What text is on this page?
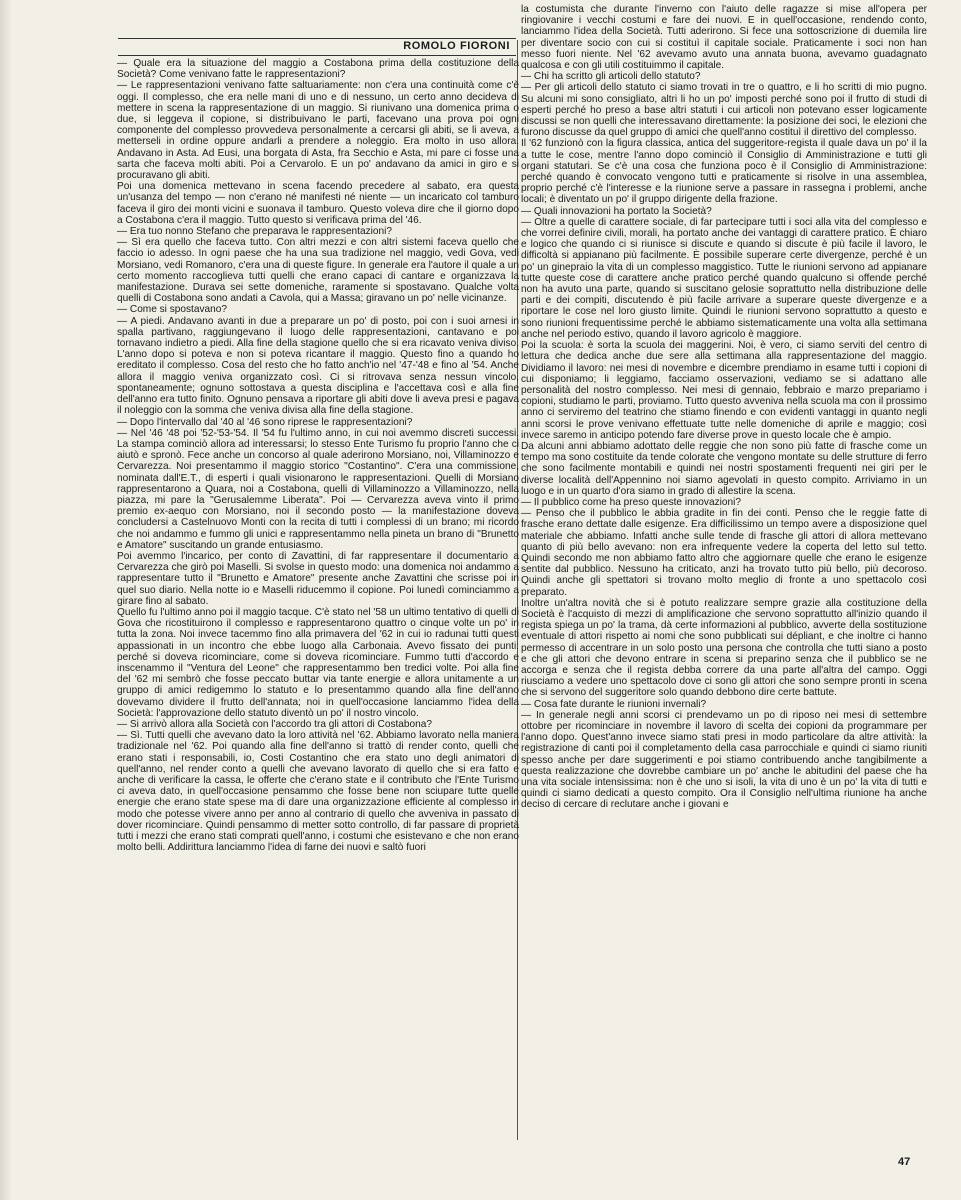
ROMOLO FIORONI

— Quale era la situazione del maggio a Costabona prima della costituzione della Società? Come venivano fatte le rappresentazioni?

— Le rappresentazioni venivano fatte saltuariamente: non c'era una continuità come c'è oggi. Il complesso, che era nelle mani di uno e di nessuno, un certo anno decideva di mettere in scena la rappresentazione di un maggio. Si riunivano una domenica prima o due, si leggeva il copione, si distribuivano le parti, facevano una prova poi ogni componente del complesso provvedeva personalmente a cercarsi gli abiti, se li aveva, a metterseli in ordine oppure andarli a prendere a noleggio. Era molto in uso allora. Andavano in Asta. Ad Eusi, una borgata di Asta, fra Secchio e Asta, mi pare ci fosse una sarta che faceva molti abiti. Poi a Cervarolo. E un po' andavano da amici in giro e si procuravano gli abiti.

Poi una domenica mettevano in scena facendo precedere al sabato, era questa un'usanza del tempo — non c'erano né manifesti né niente — un incaricato col tamburo faceva il giro dei monti vicini e suonava il tamburo. Questo voleva dire che il giorno dopo a Costabona c'era il maggio. Tutto questo si verificava prima del '46.

— Era tuo nonno Stefano che preparava le rappresentazioni?

— Sì era quello che faceva tutto. Con altri mezzi e con altri sistemi faceva quello che faccio io adesso. In ogni paese che ha una sua tradizione nel maggio, vedi Gova, vedi Morsiano, vedi Romanoro, c'era una di queste figure. In generale era l'autore il quale a un certo momento raccoglieva tutti quelli che erano capaci di cantare e organizzava la manifestazione. Durava sei sette domeniche, raramente si spostavano. Qualche volta quelli di Costabona sono andati a Cavola, qui a Massa; giravano un po' nelle vicinanze.

— Come si spostavano?

— A piedi. Andavano avanti in due a preparare un po' di posto, poi con i suoi arnesi in spalla partivano, raggiungevano il luogo delle rappresentazioni, cantavano e poi tornavano indietro a piedi. Alla fine della stagione quello che si era ricavato veniva diviso. L'anno dopo si poteva e non si poteva ricantare il maggio. Questo fino a quando ho ereditato il complesso. Cosa del resto che ho fatto anch'io nel '47-'48 e fino al '54. Anche allora il maggio veniva organizzato così. Ci si ritrovava senza nessun vincolo, spontaneamente; ognuno sottostava a questa disciplina e l'accettava così e alla fine dell'anno era tutto finito. Ognuno pensava a riportare gli abiti dove li aveva presi e pagava il noleggio con la somma che veniva divisa alla fine della stagione.

— Dopo l'intervallo dal '40 al '46 sono riprese le rappresentazioni?

— Nel '46 '48 poi '52-'53-'54. Il '54 fu l'ultimo anno, in cui noi avemmo discreti successi. La stampa cominciò allora ad interessarsi; lo stesso Ente Turismo fu proprio l'anno che ci aiutò e spronò. Fece anche un concorso al quale aderirono Morsiano, noi, Villaminozzo e Cervarezza. Noi presentammo il maggio storico "Costantino". C'era una commissione, nominata dall'E.T., di esperti i quali visionarono le rappresentazioni. Quelli di Morsiano rappresentarono a Quara, noi a Costabona, quelli di Villaminozzo a Villaminozzo, nella piazza, mi pare la "Gerusalemme Liberata". Poi — Cervarezza aveva vinto il primo premio ex-aequo con Morsiano, noi il secondo posto — la manifestazione doveva concludersi a Castelnuovo Monti con la recita di tutti i complessi di un brano; mi ricordo che noi andammo e fummo gli unici e rappresentammo nella pineta un brano di "Brunetto e Amatore" suscitando un grande entusiasmo.

Poi avemmo l'incarico, per conto di Zavattini, di far rappresentare il documentario a Cervarezza che girò poi Maselli. Si svolse in questo modo: una domenica noi andammo a rappresentare tutto il "Brunetto e Amatore" presente anche Zavattini che scrisse poi in quel suo diario. Nella notte io e Maselli riducemmo il copione. Poi lunedì cominciammo a girare fino al sabato.

Quello fu l'ultimo anno poi il maggio tacque. C'è stato nel '58 un ultimo tentativo di quelli di Gova che ricostituirono il complesso e rappresentarono quattro o cinque volte un po' in tutta la zona. Noi invece tacemmo fino alla primavera del '62 in cui io radunai tutti questi appassionati in un incontro che ebbe luogo alla Carbonaia. Avevo fissato dei punti: perché si doveva ricominciare, come si doveva ricominciare. Fummo tutti d'accordo e inscenammo il "Ventura del Leone" che rappresentammo ben tredici volte. Poi alla fine del '62 mi sembrò che fosse peccato buttar via tante energie e allora unitamente a un gruppo di amici redigemmo lo statuto e lo presentammo quando alla fine dell'anno dovevamo dividere il frutto dell'annata; noi in quell'occasione lanciammo l'idea della Società: l'approvazione dello statuto diventò un po' il nostro vincolo.

— Si arrivò allora alla Società con l'accordo tra gli attori di Costabona?

— Sì. Tutti quelli che avevano dato la loro attività nel '62. Abbiamo lavorato nella maniera tradizionale nel '62. Poi quando alla fine dell'anno si trattò di render conto, quelli che erano stati i responsabili, io, Costi Costantino che era stato uno degli animatori di quell'anno, nel render conto a quelli che avevano lavorato di quello che si era fatto e anche di verificare la cassa, le offerte che c'erano state e il contributo che l'Ente Turismo ci aveva dato, in quell'occasione pensammo che fosse bene non sciupare tutte quelle energie che erano state spese ma di dare una organizzazione efficiente al complesso in modo che potesse vivere anno per anno al contrario di quello che avveniva in passato di dover ricominciare. Quindi pensammo di metter sotto controllo, di far passare di proprietà tutti i mezzi che erano stati comprati quell'anno, i costumi che esistevano e che non erano molto belli. Addirittura lanciammo l'idea di farne dei nuovi e saltò fuori

la costumista che durante l'inverno con l'aiuto delle ragazze si mise all'opera per ringiovanire i vecchi costumi e fare dei nuovi. E in quell'occasione, rendendo conto, lanciammo l'idea della Società. Tutti aderirono. Si fece una sottoscrizione di duemila lire per diventare socio con cui si costituì il capitale sociale. Praticamente i soci non han messo fuori niente. Nel '62 avevamo avuto una annata buona, avevamo guadagnato qualcosa e con gli utili costituimmo il capitale.

— Chi ha scritto gli articoli dello statuto?

— Per gli articoli dello statuto ci siamo trovati in tre o quattro, e li ho scritti di mio pugno. Su alcuni mi sono consigliato, altri li ho un po' imposti perché sono poi il frutto di studi di esperti perché ho preso a base altri statuti i cui articoli non potevano esser logicamente discussi se non quelli che interessavano direttamente: la posizione dei soci, le elezioni che furono discusse da quel gruppo di amici che quell'anno costituì il direttivo del complesso.

Il '62 funzionò con la figura classica, antica del suggeritore-regista il quale dava un po' il la a tutte le cose, mentre l'anno dopo cominciò il Consiglio di Amministrazione e tutti gli organi statutari. Se c'è una cosa che funziona poco è il Consiglio di Amministrazione: perché quando è convocato vengono tutti e praticamente si risolve in una assemblea, proprio perché c'è l'interesse e la riunione serve a passare in rassegna i problemi, anche locali; è diventato un po' il gruppo dirigente della frazione.

— Quali innovazioni ha portato la Società?

— Oltre a quelle di carattere sociale, di far partecipare tutti i soci alla vita del complesso e che vorrei definire civili, morali, ha portato anche dei vantaggi di carattere pratico. È chiaro e logico che quando ci si riunisce si discute e quando si discute è più facile il lavoro, le difficoltà si appianano più facilmente. È possibile superare certe divergenze, perché è un po' un ginepraio la vita di un complesso maggistico. Tutte le riunioni servono ad appianare tutte queste cose di carattere anche pratico perché quando qualcuno si offende perché non ha avuto una parte, quando si suscitano gelosie soprattutto nella distribuzione delle parti e dei compiti, discutendo è più facile arrivare a superare queste divergenze e a riportare le cose nel loro giusto limite. Quindi le riunioni servono soprattutto a questo e sono riunioni frequentissime perché le abbiamo sistematicamente una volta alla settimana anche nel periodo estivo, quando il lavoro agricolo è maggiore.

Poi la scuola: è sorta la scuola dei maggerini. Noi, è vero, ci siamo serviti del centro di lettura che dedica anche due sere alla settimana alla rappresentazione del maggio. Dividiamo il lavoro: nei mesi di novembre e dicembre prendiamo in esame tutti i copioni di cui disponiamo; li leggiamo, facciamo osservazioni, vediamo se si adattano alle personalità del nostro complesso. Nei mesi di gennaio, febbraio e marzo prepariamo i copioni, studiamo le parti, proviamo. Tutto questo avveniva nella scuola ma con il prossimo anno ci serviremo del teatrino che stiamo finendo e con evidenti vantaggi in quanto negli anni scorsi le prove venivano effettuate tutte nelle domeniche di aprile e maggio; così invece saremo in anticipo potendo fare diverse prove in questo locale che è ampio.

Da alcuni anni abbiamo adottato delle reggie che non sono più fatte di frasche come un tempo ma sono costituite da tende colorate che vengono montate su delle strutture di ferro che sono facilmente montabili e quindi nei nostri spostamenti frequenti nei giri per le diverse località dell'Appennino noi siamo agevolati in questo compito. Arriviamo in un luogo e in un quarto d'ora siamo in grado di allestire la scena.

— Il pubblico come ha preso queste innovazioni?

— Penso che il pubblico le abbia gradite in fin dei conti. Penso che le reggie fatte di frasche erano dettate dalle esigenze. Era difficilissimo un tempo avere a disposizione quel materiale che abbiamo. Infatti anche sulle tende di frasche gli attori di allora mettevano quanto di più bello avevano: non era infrequente vedere la coperta del letto sul tetto. Quindi secondo me non abbiamo fatto altro che aggiornare quelle che erano le esigenze sentite dal pubblico. Nessuno ha criticato, anzi ha trovato tutto più bello, più decoroso. Quindi anche gli spettatori si trovano molto meglio di fronte a uno spettacolo così preparato.

Inoltre un'altra novità che si è potuto realizzare sempre grazie alla costituzione della Società è l'acquisto di mezzi di amplificazione che servono soprattutto all'inizio quando il regista spiega un po' la trama, dà certe informazioni al pubblico, avverte della sostituzione eventuale di attori rispetto ai nomi che sono pubblicati sui dépliant, e che inoltre ci hanno permesso di accentrare in un solo posto una persona che controlla che tutti siano a posto e che gli attori che devono entrare in scena si preparino senza che il pubblico se ne accorga e senza che il regista debba correre da una parte all'altra del campo. Oggi riusciamo a vedere uno spettacolo dove ci sono gli attori che sono sempre pronti in scena che si servono del suggeritore solo quando debbono dire certe battute.

— Cosa fate durante le riunioni invernali?

— In generale negli anni scorsi ci prendevamo un po di riposo nei mesi di settembre ottobre per ricominciare in novembre il lavoro di scelta dei copioni da programmare per l'anno dopo. Quest'anno invece siamo stati presi in modo particolare da altre attività: la registrazione di canti poi il completamento della casa parrocchiale e quindi ci siamo riuniti spesso anche per dare suggerimenti e poi stiamo contribuendo anche tangibilmente a questa realizzazione che dovrebbe cambiare un po' anche le abitudini del paese che ha una vita sociale intensissima: non è che uno si isoli, la vita di uno è un po' la vita di tutti e quindi ci siamo dedicati a questo compito. Ora il Consiglio nell'ultima riunione ha anche deciso di cercare di reclutare anche i giovani e

47
